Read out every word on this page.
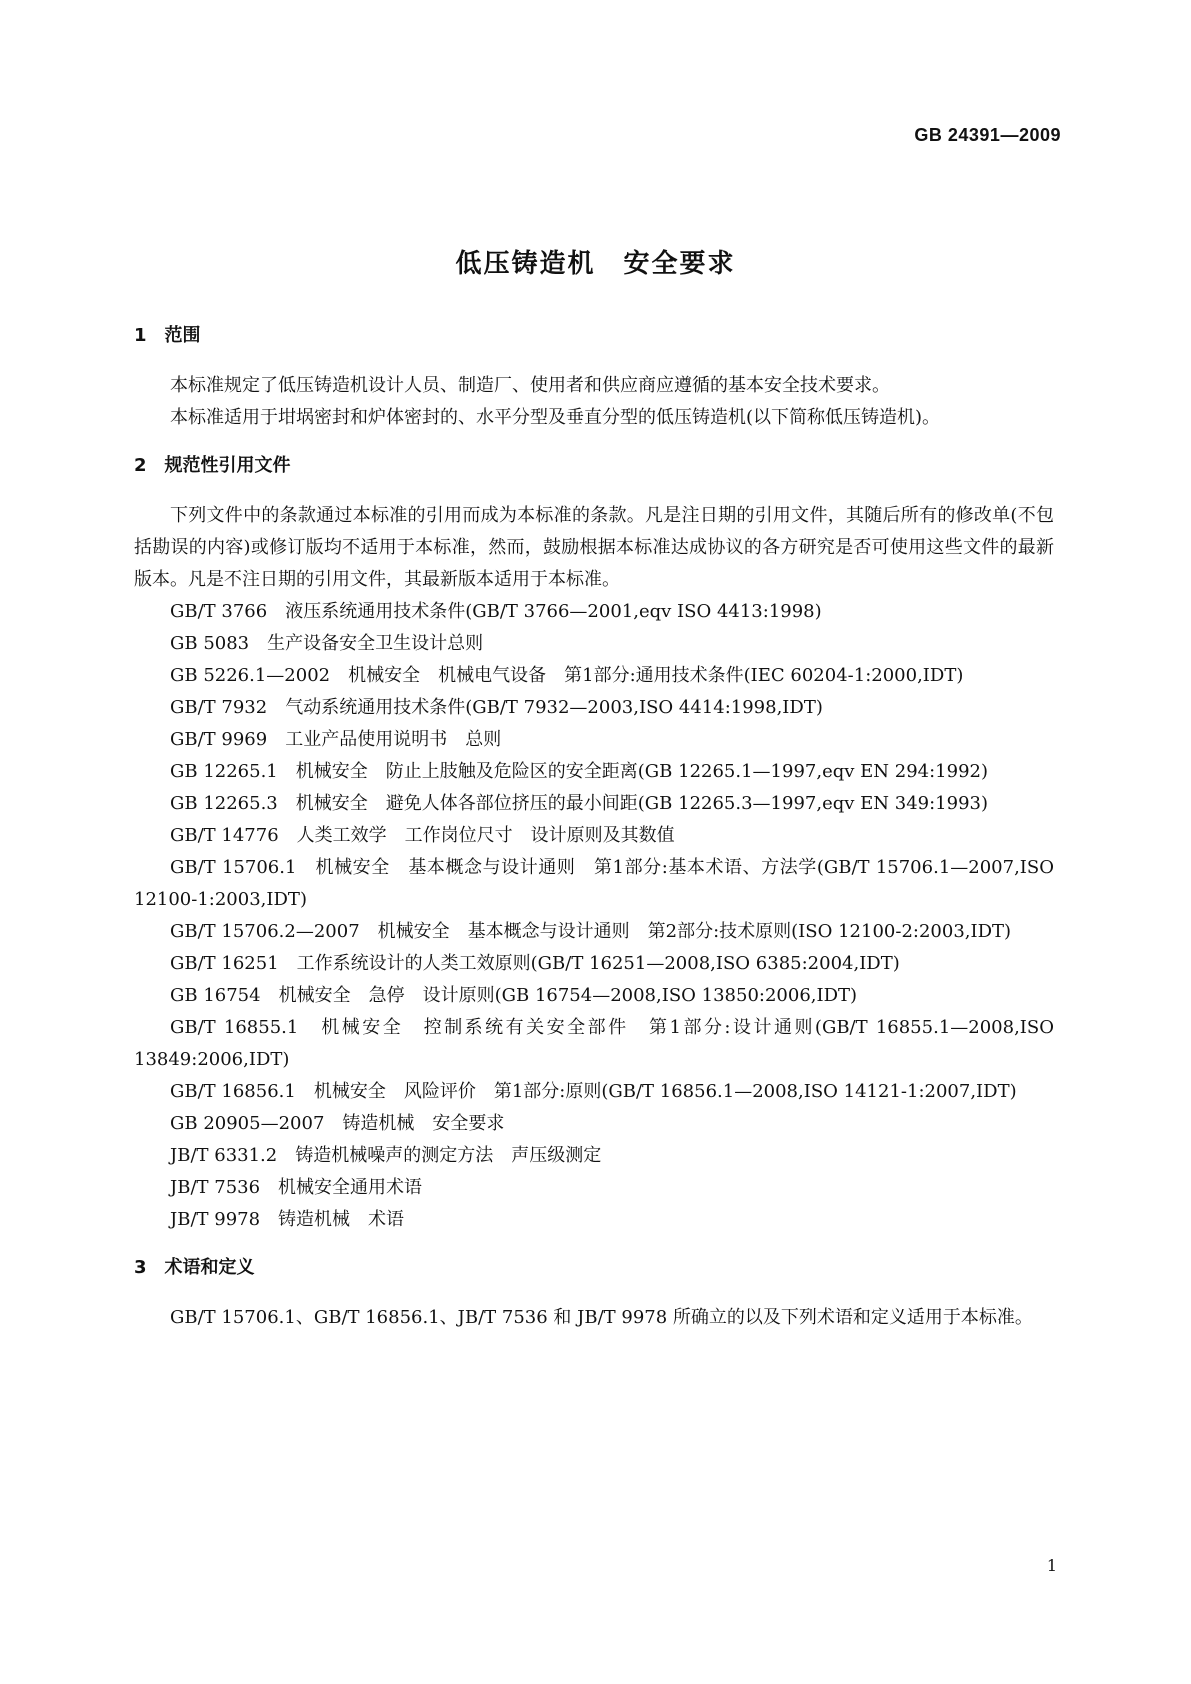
GB 24391—2009
低压铸造机　安全要求
1　范围

本标准规定了低压铸造机设计人员、制造厂、使用者和供应商应遵循的基本安全技术要求。

本标准适用于坩埚密封和炉体密封的、水平分型及垂直分型的低压铸造机(以下简称低压铸造机)。

2　规范性引用文件

下列文件中的条款通过本标准的引用而成为本标准的条款。凡是注日期的引用文件，其随后所有的修改单(不包括勘误的内容)或修订版均不适用于本标准，然而，鼓励根据本标准达成协议的各方研究是否可使用这些文件的最新版本。凡是不注日期的引用文件，其最新版本适用于本标准。

GB/T 3766　液压系统通用技术条件(GB/T 3766—2001,eqv ISO 4413:1998)
GB 5083　生产设备安全卫生设计总则
GB 5226.1—2002　机械安全　机械电气设备　第1部分:通用技术条件(IEC 60204-1:2000,IDT)
GB/T 7932　气动系统通用技术条件(GB/T 7932—2003,ISO 4414:1998,IDT)
GB/T 9969　工业产品使用说明书　总则
GB 12265.1　机械安全　防止上肢触及危险区的安全距离(GB 12265.1—1997,eqv EN 294:1992)
GB 12265.3　机械安全　避免人体各部位挤压的最小间距(GB 12265.3—1997,eqv EN 349:1993)
GB/T 14776　人类工效学　工作岗位尺寸　设计原则及其数值
GB/T 15706.1　机械安全　基本概念与设计通则　第1部分:基本术语、方法学(GB/T 15706.1—2007,ISO 12100-1:2003,IDT)
GB/T 15706.2—2007　机械安全　基本概念与设计通则　第2部分:技术原则(ISO 12100-2:2003,IDT)
GB/T 16251　工作系统设计的人类工效原则(GB/T 16251—2008,ISO 6385:2004,IDT)
GB 16754　机械安全　急停　设计原则(GB 16754—2008,ISO 13850:2006,IDT)
GB/T 16855.1　机械安全　控制系统有关安全部件　第1部分:设计通则(GB/T 16855.1—2008,ISO 13849:2006,IDT)
GB/T 16856.1　机械安全　风险评价　第1部分:原则(GB/T 16856.1—2008,ISO 14121-1:2007,IDT)
GB 20905—2007　铸造机械　安全要求
JB/T 6331.2　铸造机械噪声的测定方法　声压级测定
JB/T 7536　机械安全通用术语
JB/T 9978　铸造机械　术语
3　术语和定义

GB/T 15706.1、GB/T 16856.1、JB/T 7536 和 JB/T 9978 所确立的以及下列术语和定义适用于本标准。

1
